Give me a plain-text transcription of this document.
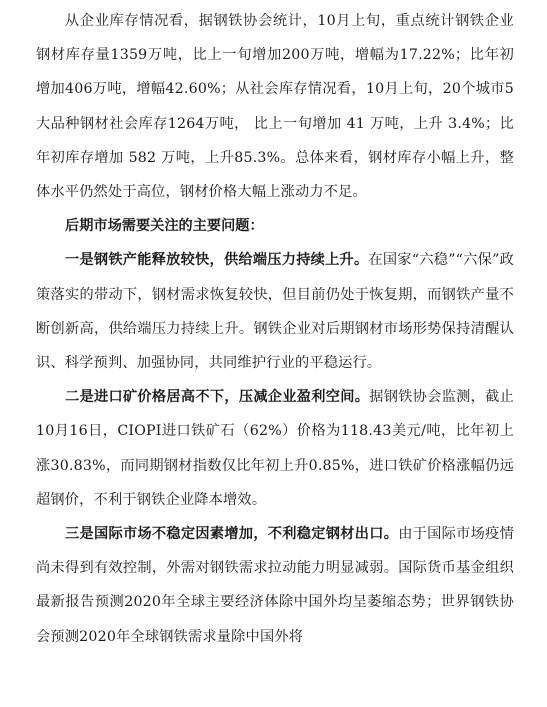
从企业库存情况看，据钢铁协会统计，10月上旬，重点统计钢铁企业钢材库存量1359万吨，比上一旬增加200万吨，增幅为17.22%；比年初增加406万吨，增幅42.60%；从社会库存情况看，10月上旬，20个城市5大品种钢材社会库存1264万吨， 比上一旬增加 41 万吨，上升 3.4%；比年初库存增加 582 万吨，上升85.3%。总体来看，钢材库存小幅上升，整体水平仍然处于高位，钢材价格大幅上涨动力不足。

后期市场需要关注的主要问题：

一是钢铁产能释放较快，供给端压力持续上升。在国家“六稳”“六保”政策落实的带动下，钢材需求恢复较快，但目前仍处于恢复期，而钢铁产量不断创新高，供给端压力持续上升。钢铁企业对后期钢材市场形势保持清醒认识、科学预判、加强协同，共同维护行业的平稳运行。

二是进口矿价格居高不下，压减企业盈利空间。据钢铁协会监测，截止10月16日，CIOPI进口铁矿石（62%）价格为118.43美元/吨，比年初上涨30.83%，而同期钢材指数仅比年初上升0.85%，进口铁矿价格涨幅仍远超钢价，不利于钢铁企业降本增效。

三是国际市场不稳定因素增加，不利稳定钢材出口。由于国际市场疫情尚未得到有效控制，外需对钢铁需求拉动能力明显减弱。国际货币基金组织最新报告预测2020年全球主要经济体除中国外均呈萎缩态势；世界钢铁协会预测2020年全球钢铁需求量除中国外将
